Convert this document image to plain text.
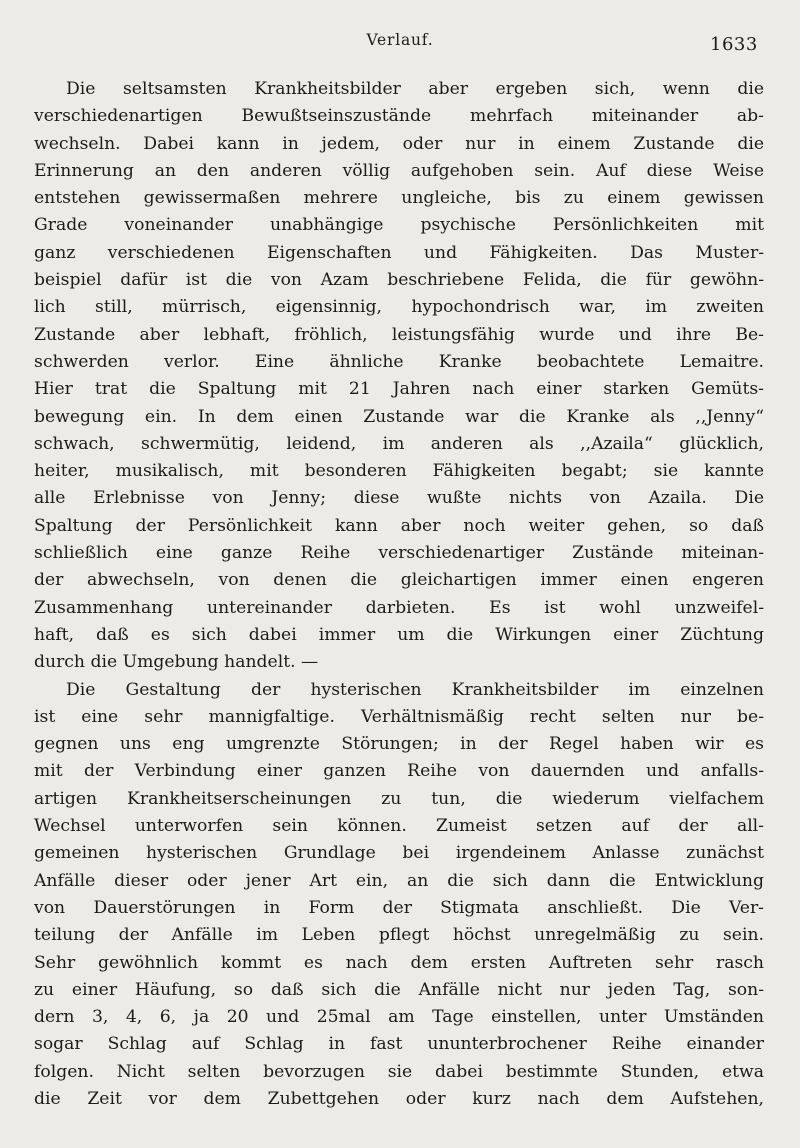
Verlauf.	1633
Die seltsamsten Krankheitsbilder aber ergeben sich, wenn die
verschiedenartigen Bewußtseinszustände mehrfach miteinander ab-
wechseln. Dabei kann in jedem, oder nur in einem Zustande die
Erinnerung an den anderen völlig aufgehoben sein. Auf diese Weise
entstehen gewissermaßen mehrere ungleiche, bis zu einem gewissen
Grade voneinander unabhängige psychische Persönlichkeiten mit
ganz verschiedenen Eigenschaften und Fähigkeiten. Das Muster-
beispiel dafür ist die von Azam beschriebene Felida, die für gewöhn-
lich still, mürrisch, eigensinnig, hypochondrisch war, im zweiten
Zustande aber lebhaft, fröhlich, leistungsfähig wurde und ihre Be-
schwerden verlor. Eine ähnliche Kranke beobachtete Lemaitre.
Hier trat die Spaltung mit 21 Jahren nach einer starken Gemüts-
bewegung ein. In dem einen Zustande war die Kranke als ,,Jenny“
schwach, schwermütig, leidend, im anderen als ,,Azaila“ glücklich,
heiter, musikalisch, mit besonderen Fähigkeiten begabt; sie kannte
alle Erlebnisse von Jenny; diese wußte nichts von Azaila. Die
Spaltung der Persönlichkeit kann aber noch weiter gehen, so daß
schließlich eine ganze Reihe verschiedenartiger Zustände miteinan-
der abwechseln, von denen die gleichartigen immer einen engeren
Zusammenhang untereinander darbieten. Es ist wohl unzweifel-
haft, daß es sich dabei immer um die Wirkungen einer Züchtung
durch die Umgebung handelt. —
Die Gestaltung der hysterischen Krankheitsbilder im einzelnen
ist eine sehr mannigfaltige. Verhältnismäßig recht selten nur be-
gegnen uns eng umgrenzte Störungen; in der Regel haben wir es
mit der Verbindung einer ganzen Reihe von dauernden und anfalls-
artigen Krankheitserscheinungen zu tun, die wiederum vielfachem
Wechsel unterworfen sein können. Zumeist setzen auf der all-
gemeinen hysterischen Grundlage bei irgendeinem Anlasse zunächst
Anfälle dieser oder jener Art ein, an die sich dann die Entwicklung
von Dauerstörungen in Form der Stigmata anschließt. Die Ver-
teilung der Anfälle im Leben pflegt höchst unregelmäßig zu sein.
Sehr gewöhnlich kommt es nach dem ersten Auftreten sehr rasch
zu einer Häufung, so daß sich die Anfälle nicht nur jeden Tag, son-
dern 3, 4, 6, ja 20 und 25mal am Tage einstellen, unter Umständen
sogar Schlag auf Schlag in fast ununterbrochener Reihe einander
folgen. Nicht selten bevorzugen sie dabei bestimmte Stunden, etwa
die Zeit vor dem Zubettgehen oder kurz nach dem Aufstehen,
